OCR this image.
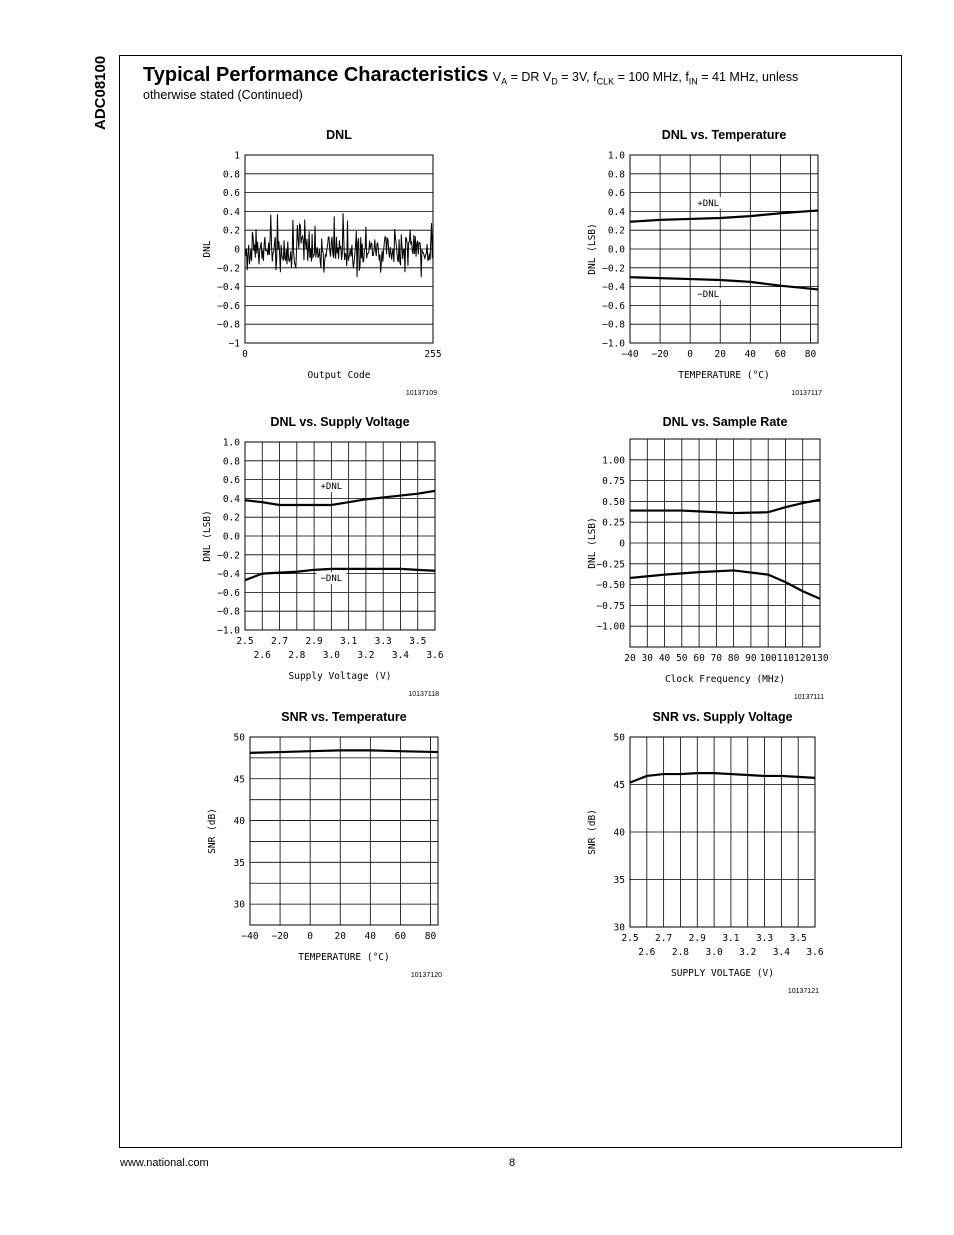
ADC08100 Typical Performance Characteristics $V_A$ = DR $V_D = 3V$, $f_{CLK} = 100$ MHz, $f_{IN} = 41$ MHz, unless
otherwise stated (Continued)
DNL
1
0.8
0.6
0.4
0.2
0
−0.2
−0.4
−0.6
−0.8
−1
0	255
Output Code
DNL
10137109
DNL vs. Temperature
1.0
0.8
0.6
0.4
0.2
0.0
−0.2
−0.4
−0.6
−0.8
−1.0
−40 −20 0 20 40 60 80
TEMPERATURE (°C)
DNL (LSB)
10137117
+DNL
−DNL
DNL vs. Supply Voltage
1.0
0.8
0.6
0.4
0.2
0.0
−0.2
−0.4
−0.6
−0.8
−1.0
2.5 2.7 2.9 3.1 3.3 3.5
2.6 2.8 3.0 3.2 3.4 3.6
Supply Voltage (V)
DNL (LSB)
10137118
+DNL
−DNL
DNL vs. Sample Rate
1.00
0.75
0.50
0.25
0
−0.25
−0.50
−0.75
−1.00
20 30 40 50 60 70 80 90 100 110 120 130
Clock Frequency (MHz)
DNL (LSB)
10137111
SNR vs. Temperature
50
45
40
35
30
−40 −20 0 20 40 60 80
TEMPERATURE (°C)
SNR (dB)
10137120
SNR vs. Supply Voltage
50
45
40
35
30
2.5 2.7 2.9 3.1 3.3 3.5
2.6 2.8 3.0 3.2 3.4 3.6
SUPPLY VOLTAGE (V)
SNR (dB)
10137121
www.national.com	8
